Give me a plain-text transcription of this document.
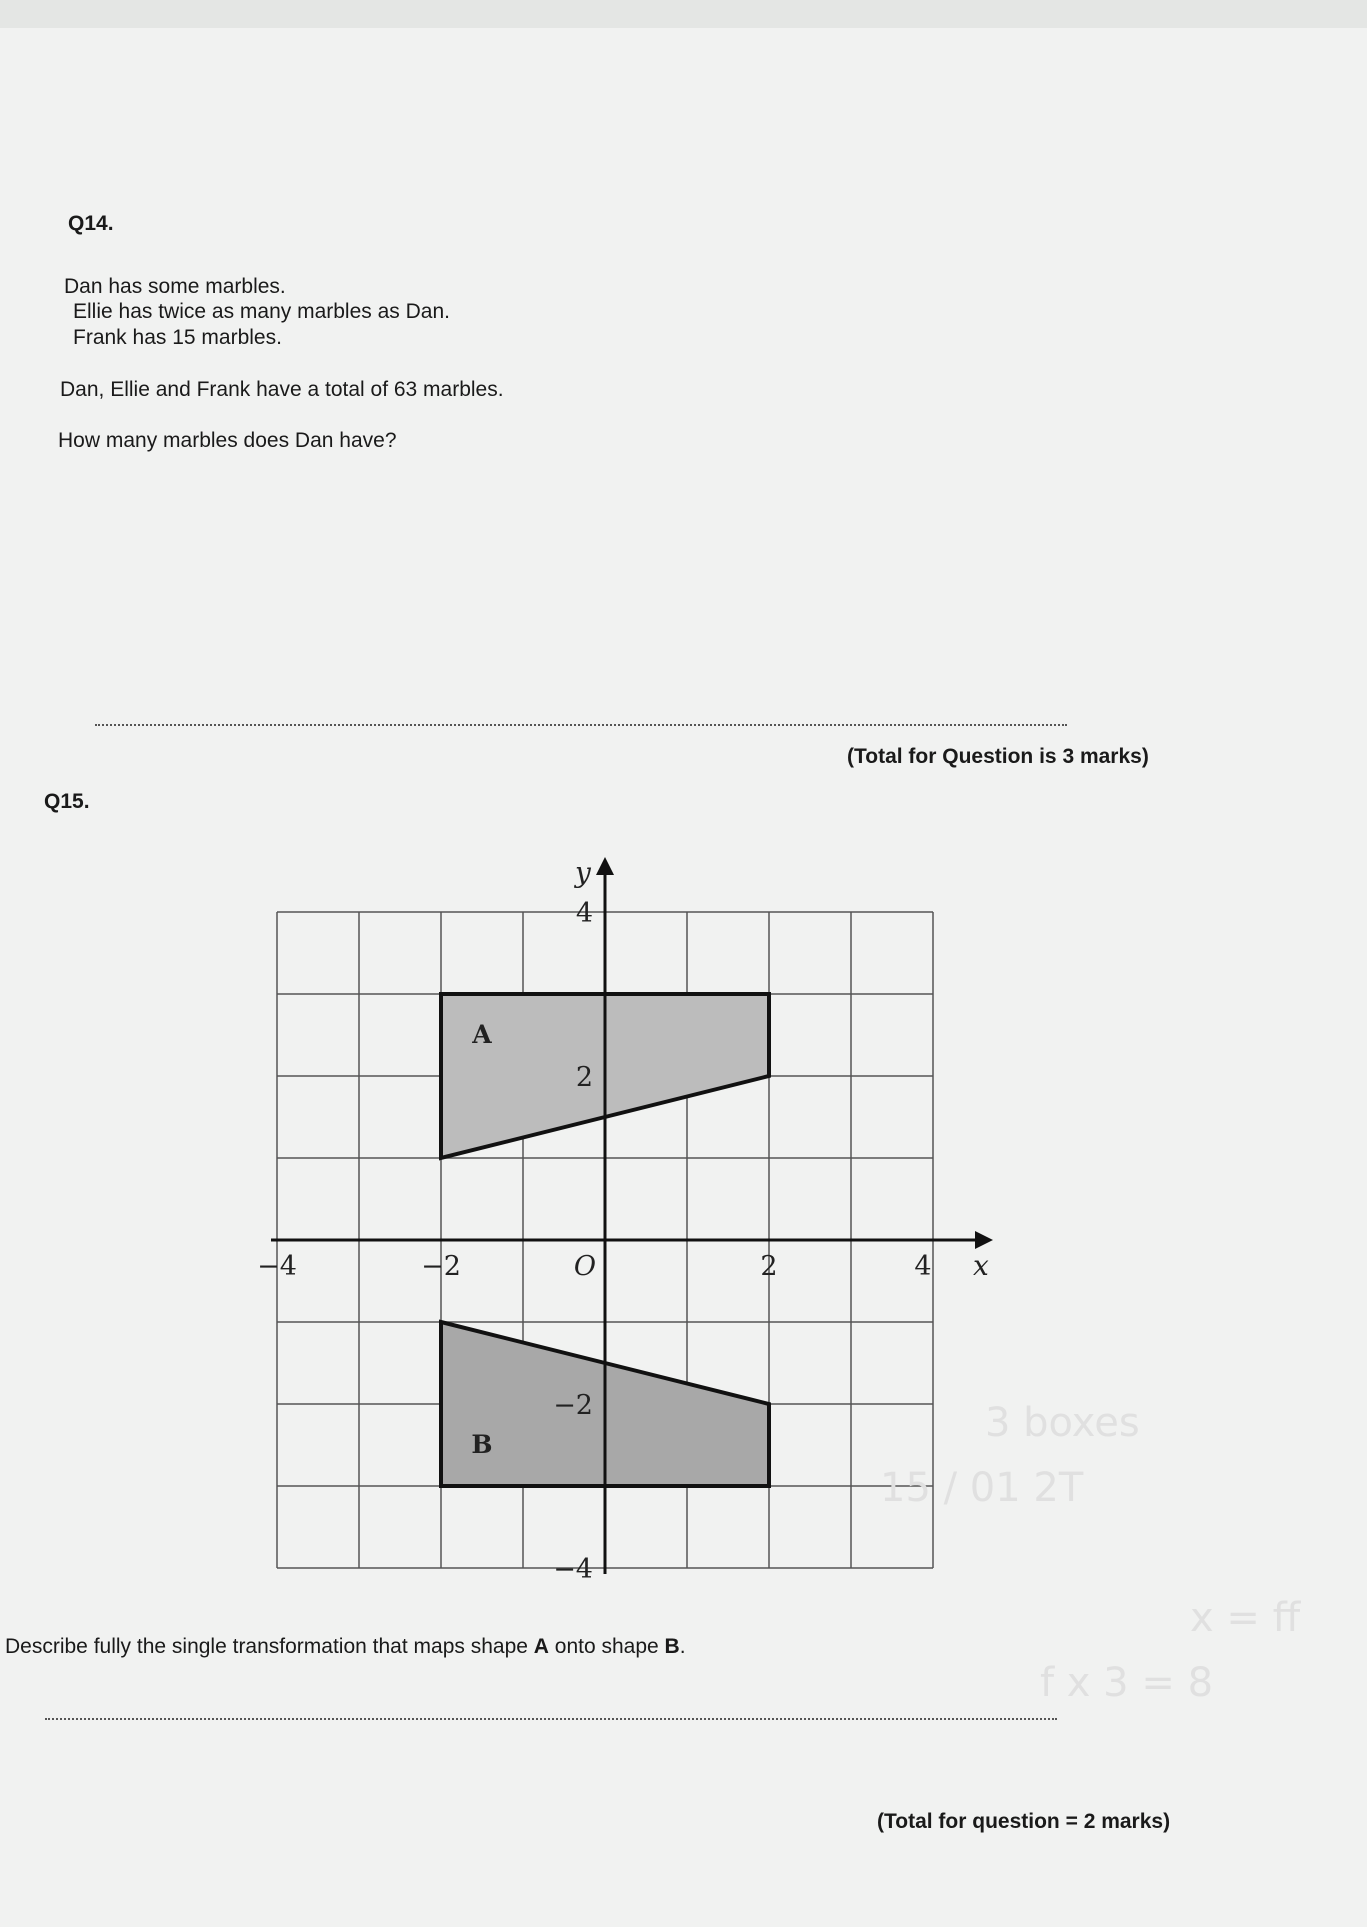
Q14.
Dan has some marbles.
Ellie has twice as many marbles as Dan.
Frank has 15 marbles.
Dan, Ellie and Frank have a total of 63 marbles.
How many marbles does Dan have?
(Total for Question is 3 marks)
Q15.
x
y
−4	−2	O	2	4
4
2
−2
−4
A
B
Describe fully the single transformation that maps shape A onto shape B.
(Total for question = 2 marks)
3 boxes
15 / 01 2T
x = ff
f x 3 = 8
